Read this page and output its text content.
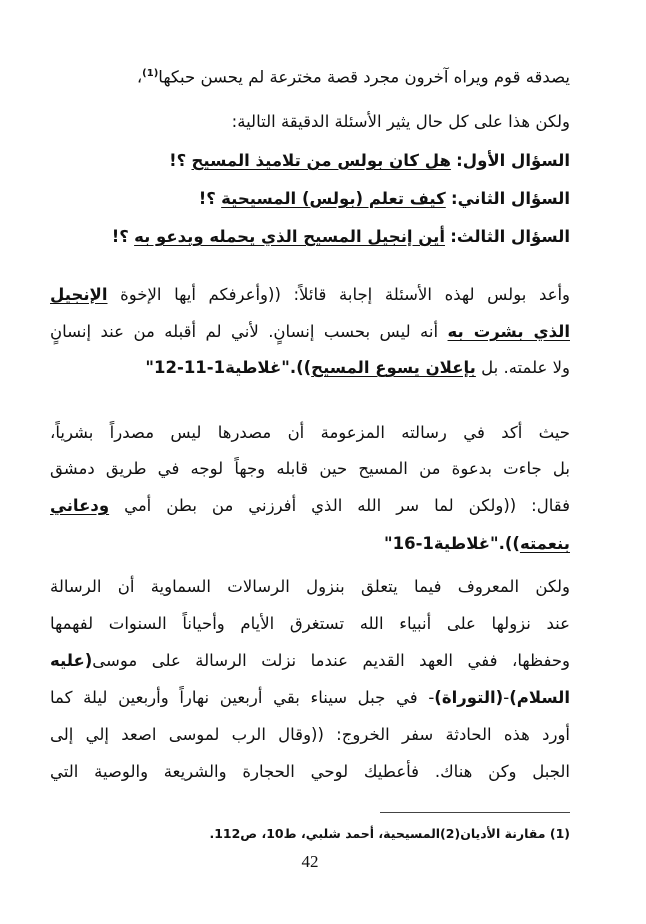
يصدقه قوم ويراه آخرون مجرد قصة مخترعة لم يحسن حبكها$^{(1)}$،
ولكن هذا على كل حال يثير الأسئلة الدقيقة التالية:
السؤال الأول: هل كان بولس من تلاميذ المسيح ؟!
السؤال الثاني: كيف تعلم (بولس) المسيحية ؟!
السؤال الثالث: أين إنجيل المسيح الذي يحمله ويدعو به ؟!
وأعد بولس لهذه الأسئلة إجابة قائلاً: ((وأعرفكم أيها الإخوة الإنجيل
الذي بشرت به أنه ليس بحسب إنسانٍ. لأني لم أقبله من عند إنسانٍ
ولا علمته. بل بإعلان يسوع المسيح))."غلاطية1-11-12"
حيث أكد في رسالته المزعومة أن مصدرها ليس مصدراً بشرياً،
بل جاءت بدعوة من المسيح حين قابله وجهاً لوجه في طريق دمشق
فقال: ((ولكن لما سر الله الذي أفرزني من بطن أمي ودعاني
بنعمته))."غلاطية1-16"
ولكن المعروف فيما يتعلق بنزول الرسالات السماوية أن الرسالة
عند نزولها على أنبياء الله تستغرق الأيام وأحياناً السنوات لفهمها
وحفظها، ففي العهد القديم عندما نزلت الرسالة على موسى(عليه
السلام)-(التوراة)- في جبل سيناء بقي أربعين نهاراً وأربعين ليلة كما
أورد هذه الحادثة سفر الخروج: ((وقال الرب لموسى اصعد إلي إلى
الجبل وكن هناك. فأعطيك لوحي الحجارة والشريعة والوصية التي
(1) مقارنة الأديان(2)المسيحية، أحمد شلبي، ط10، ص112.
42
